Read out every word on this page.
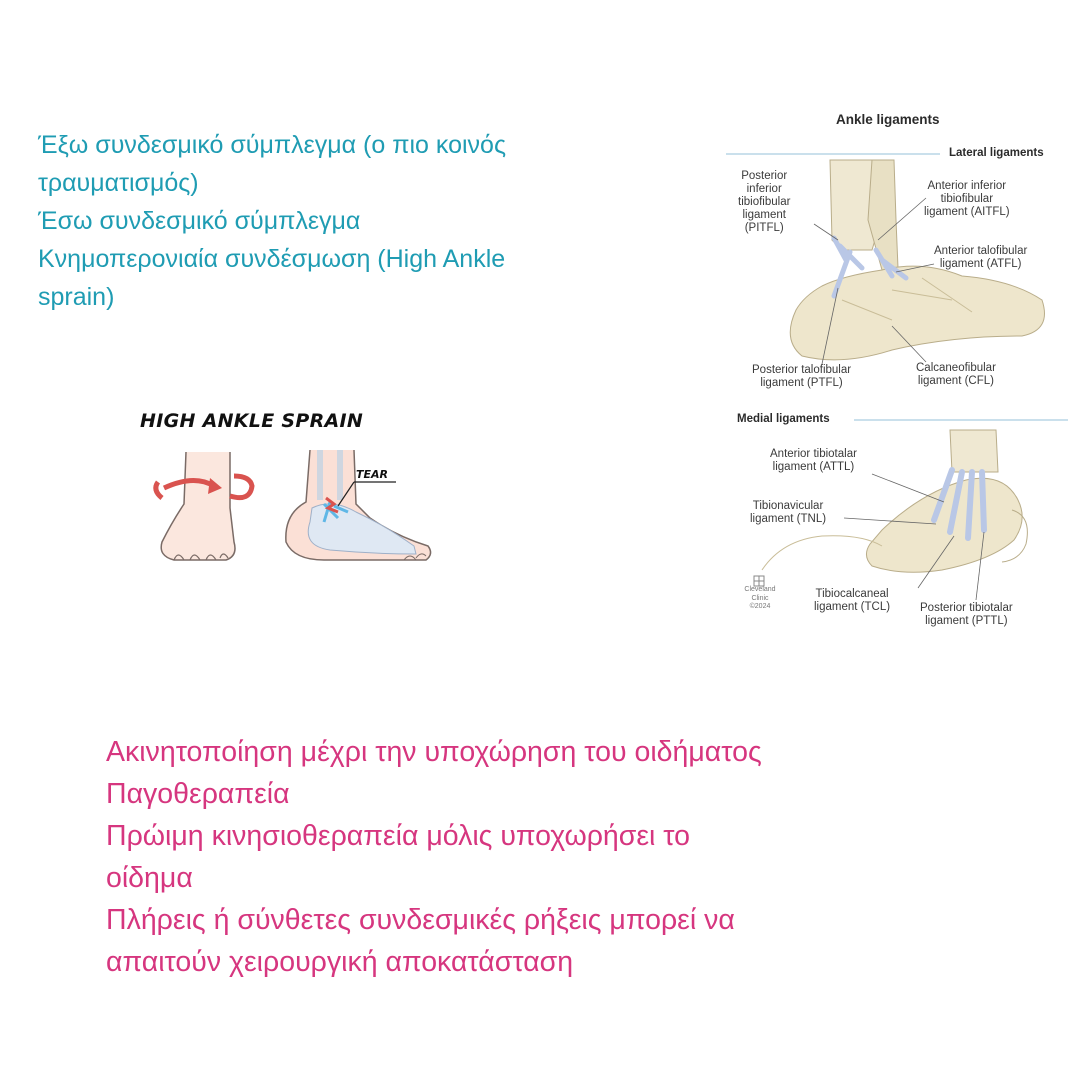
Έξω συνδεσμικό σύμπλεγμα (ο πιο κοινός
τραυματισμός)
Έσω συνδεσμικό σύμπλεγμα
Κνημοπερονιαία συνδέσμωση (High Ankle
sprain)
HIGH ANKLE SPRAIN
TEAR
Ankle ligaments
Lateral ligaments
Medial ligaments
Posterior
inferior
tibiofibular
ligament
(PITFL)
Anterior inferior
tibiofibular
ligament (AITFL)
Anterior talofibular
ligament (ATFL)
Posterior talofibular
ligament (PTFL)
Calcaneofibular
ligament (CFL)
Anterior tibiotalar
ligament (ATTL)
Tibionavicular
ligament (TNL)
Tibiocalcaneal
ligament (TCL)	Posterior tibiotalar
ligament (PTTL)
Cleveland
Clinic
©2024
Ακινητοποίηση μέχρι την υποχώρηση του οιδήματος
Παγοθεραπεία
Πρώιμη κινησιοθεραπεία μόλις υποχωρήσει το
οίδημα
Πλήρεις ή σύνθετες συνδεσμικές ρήξεις μπορεί να
απαιτούν χειρουργική αποκατάσταση
